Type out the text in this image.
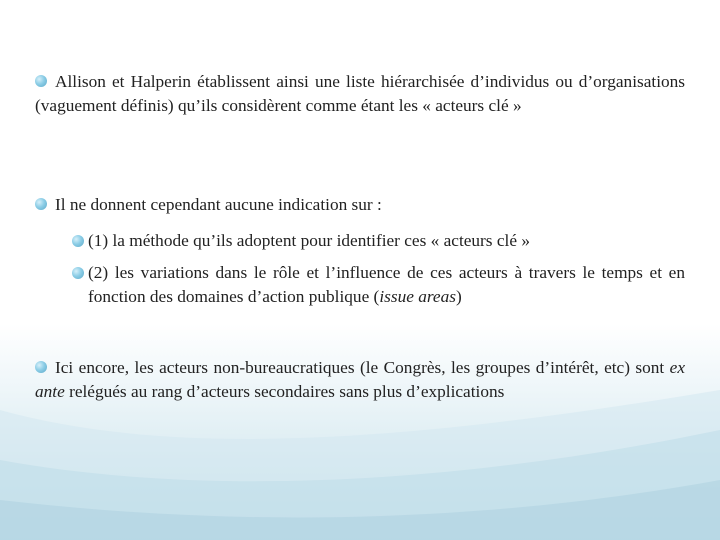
Allison et Halperin établissent ainsi une liste hiérarchisée d’individus ou d’organisations (vaguement définis) qu’ils considèrent comme étant les « acteurs clé »
Il ne donnent cependant aucune indication sur :
(1) la méthode qu’ils adoptent pour identifier ces « acteurs clé »
(2) les variations dans le rôle et l’influence de ces acteurs à travers le temps et en fonction des domaines d’action publique (issue areas)
Ici encore, les acteurs non-bureaucratiques (le Congrès, les groupes d’intérêt, etc) sont ex ante relégués au rang d’acteurs secondaires sans plus d’explications
